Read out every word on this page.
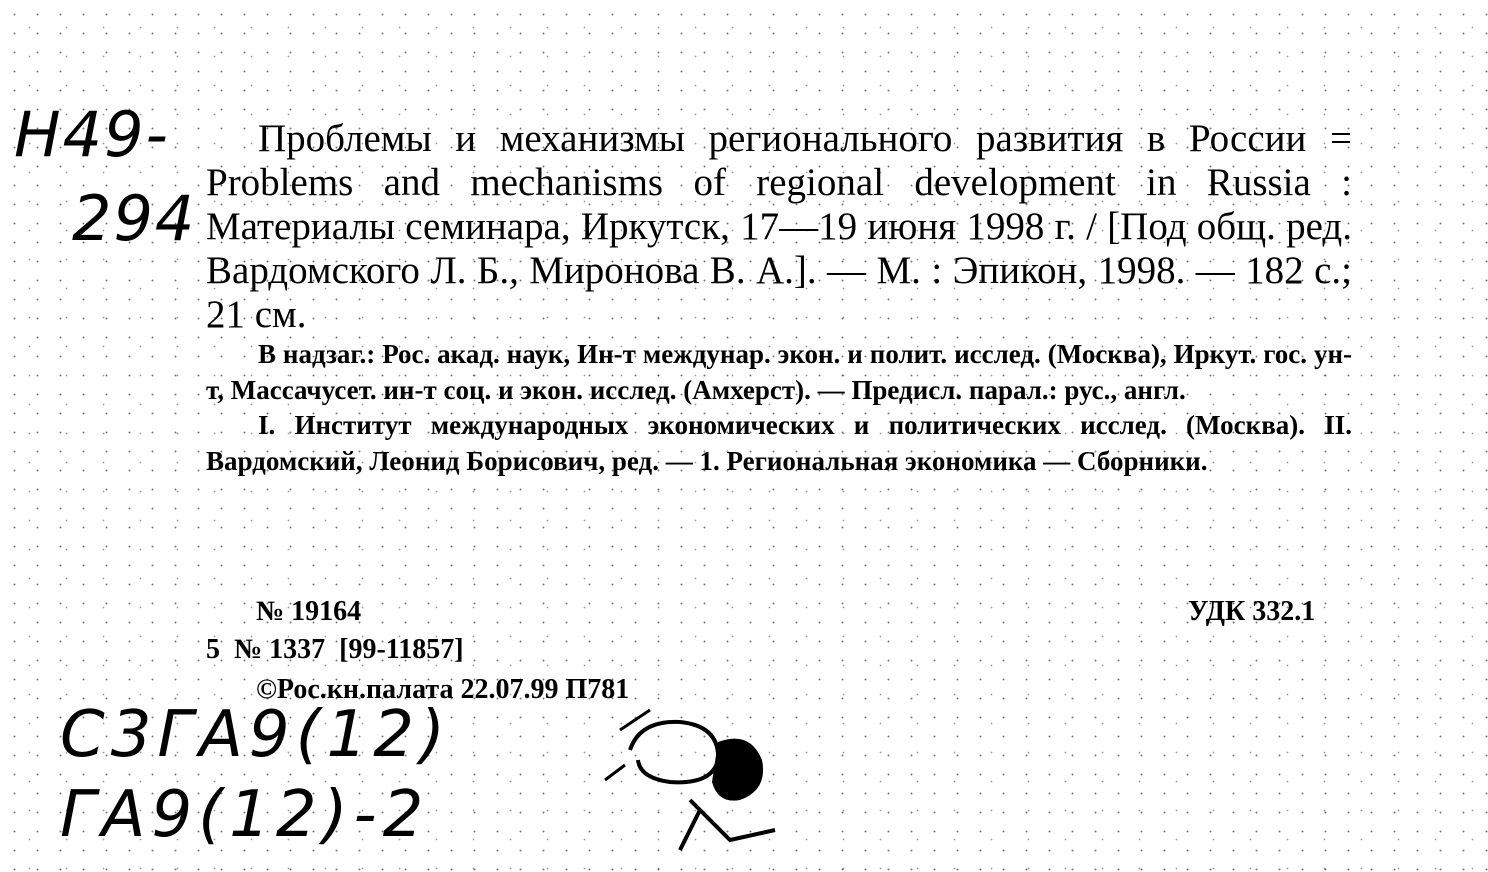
Н49-
294

Проблемы и механизмы регионального развития в России = Problems and mechanisms of regional development in Russia : Материалы семинара, Иркутск, 17—19 июня 1998 г. / [Под общ. ред. Вардомского Л. Б., Миронова В. А.]. — М. : Эпикон, 1998. — 182 с.; 21 см.

В надзаг.: Рос. акад. наук, Ин-т междунар. экон. и полит. исслед. (Москва), Иркут. гос. ун-т, Массачусет. ин-т соц. и экон. исслед. (Амхерст). — Предисл. парал.: рус., англ.

I. Институт международных экономических и политических исслед. (Москва). II. Вардомский, Леонид Борисович, ред. — 1. Региональная экономика — Сборники.

№ 19164
5  № 1337  [99-11857]
©Рос.кн.палата 22.07.99 П781
УДК 332.1
С3ГА9(12)
ГА9(12)-2
